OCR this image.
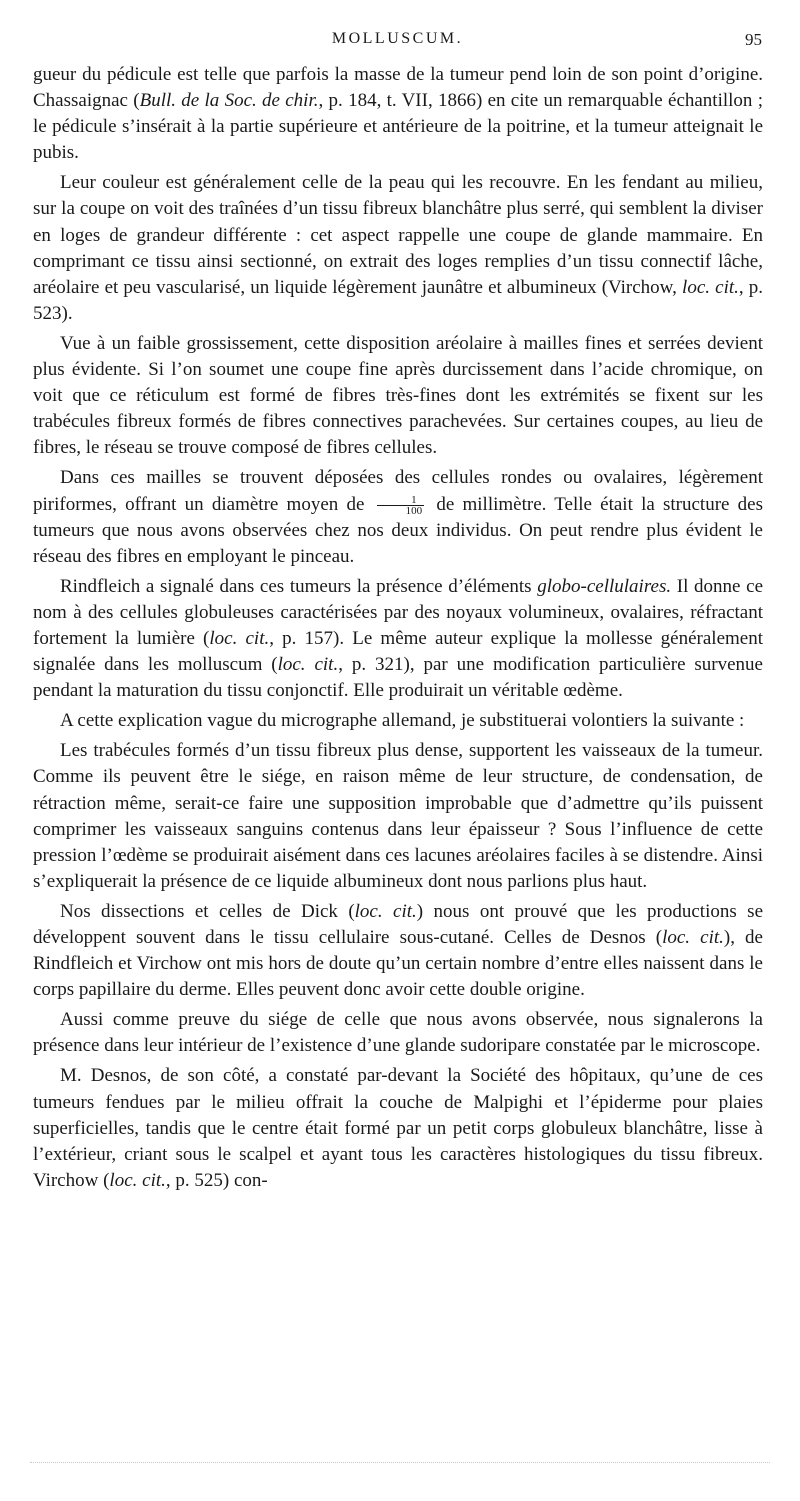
MOLLUSCUM.	95

gueur du pédicule est telle que parfois la masse de la tumeur pend loin de son point d’origine. Chassaignac (Bull. de la Soc. de chir., p. 184, t. VII, 1866) en cite un remarquable échantillon ; le pédicule s’insérait à la partie supérieure et antérieure de la poitrine, et la tumeur atteignait le pubis.

Leur couleur est généralement celle de la peau qui les recouvre. En les fendant au milieu, sur la coupe on voit des traînées d’un tissu fibreux blanchâtre plus serré, qui semblent la diviser en loges de grandeur différente : cet aspect rappelle une coupe de glande mammaire. En comprimant ce tissu ainsi sectionné, on extrait des loges remplies d’un tissu connectif lâche, aréolaire et peu vascularisé, un liquide légèrement jaunâtre et albumineux (Virchow, loc. cit., p. 523).

Vue à un faible grossissement, cette disposition aréolaire à mailles fines et serrées devient plus évidente. Si l’on soumet une coupe fine après durcissement dans l’acide chromique, on voit que ce réticulum est formé de fibres très-fines dont les extrémités se fixent sur les trabécules fibreux formés de fibres connectives parachevées. Sur certaines coupes, au lieu de fibres, le réseau se trouve composé de fibres cellules.

Dans ces mailles se trouvent déposées des cellules rondes ou ovalaires, légèrement piriformes, offrant un diamètre moyen de $\frac{1}{100}$ de millimètre. Telle était la structure des tumeurs que nous avons observées chez nos deux individus. On peut rendre plus évident le réseau des fibres en employant le pinceau.

Rindfleich a signalé dans ces tumeurs la présence d’éléments globo-cellulaires. Il donne ce nom à des cellules globuleuses caractérisées par des noyaux volumineux, ovalaires, réfractant fortement la lumière (loc. cit., p. 157). Le même auteur explique la mollesse généralement signalée dans les molluscum (loc. cit., p. 321), par une modification particulière survenue pendant la maturation du tissu conjonctif. Elle produirait un véritable œdème.

A cette explication vague du micrographe allemand, je substituerai volontiers la suivante :

Les trabécules formés d’un tissu fibreux plus dense, supportent les vaisseaux de la tumeur. Comme ils peuvent être le siége, en raison même de leur structure, de condensation, de rétraction même, serait-ce faire une supposition improbable que d’admettre qu’ils puissent comprimer les vaisseaux sanguins contenus dans leur épaisseur ? Sous l’influence de cette pression l’œdème se produirait aisément dans ces lacunes aréolaires faciles à se distendre. Ainsi s’expliquerait la présence de ce liquide albumineux dont nous parlions plus haut.

Nos dissections et celles de Dick (loc. cit.) nous ont prouvé que les productions se développent souvent dans le tissu cellulaire sous-cutané. Celles de Desnos (loc. cit.), de Rindfleich et Virchow ont mis hors de doute qu’un certain nombre d’entre elles naissent dans le corps papillaire du derme. Elles peuvent donc avoir cette double origine.

Aussi comme preuve du siége de celle que nous avons observée, nous signalerons la présence dans leur intérieur de l’existence d’une glande sudoripare constatée par le microscope.

M. Desnos, de son côté, a constaté par-devant la Société des hôpitaux, qu’une de ces tumeurs fendues par le milieu offrait la couche de Malpighi et l’épiderme pour plaies superficielles, tandis que le centre était formé par un petit corps globuleux blanchâtre, lisse à l’extérieur, criant sous le scalpel et ayant tous les caractères histologiques du tissu fibreux. Virchow (loc. cit., p. 525) con-
